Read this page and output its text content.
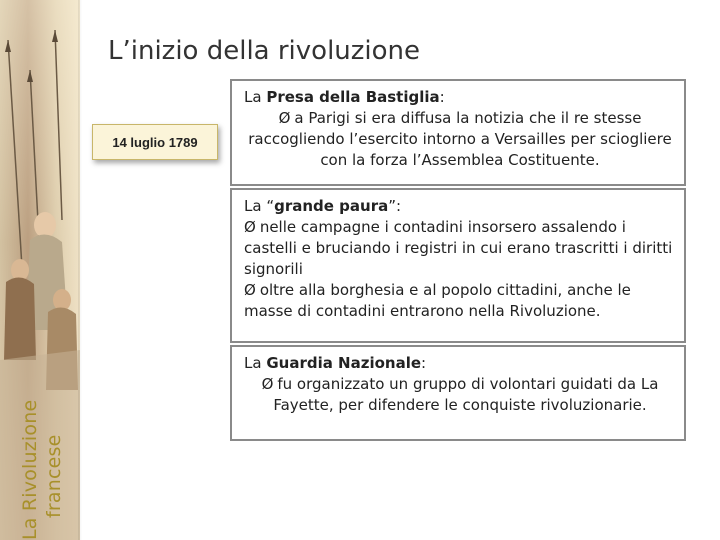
La Rivoluzione francese
L’inizio della rivoluzione
14 luglio 1789
La Presa della Bastiglia:
Ø a Parigi si era diffusa la notizia che il re stesse raccogliendo l’esercito intorno a Versailles per sciogliere con la forza l’Assemblea Costituente.
La “grande paura”:
Ø nelle campagne i contadini insorsero assalendo i castelli e bruciando i registri in cui erano trascritti i diritti signorili
Ø oltre alla borghesia e al popolo cittadini, anche le masse di contadini entrarono nella Rivoluzione.
La Guardia Nazionale:
Ø fu organizzato un gruppo di volontari guidati da La Fayette, per difendere le conquiste rivoluzionarie.
